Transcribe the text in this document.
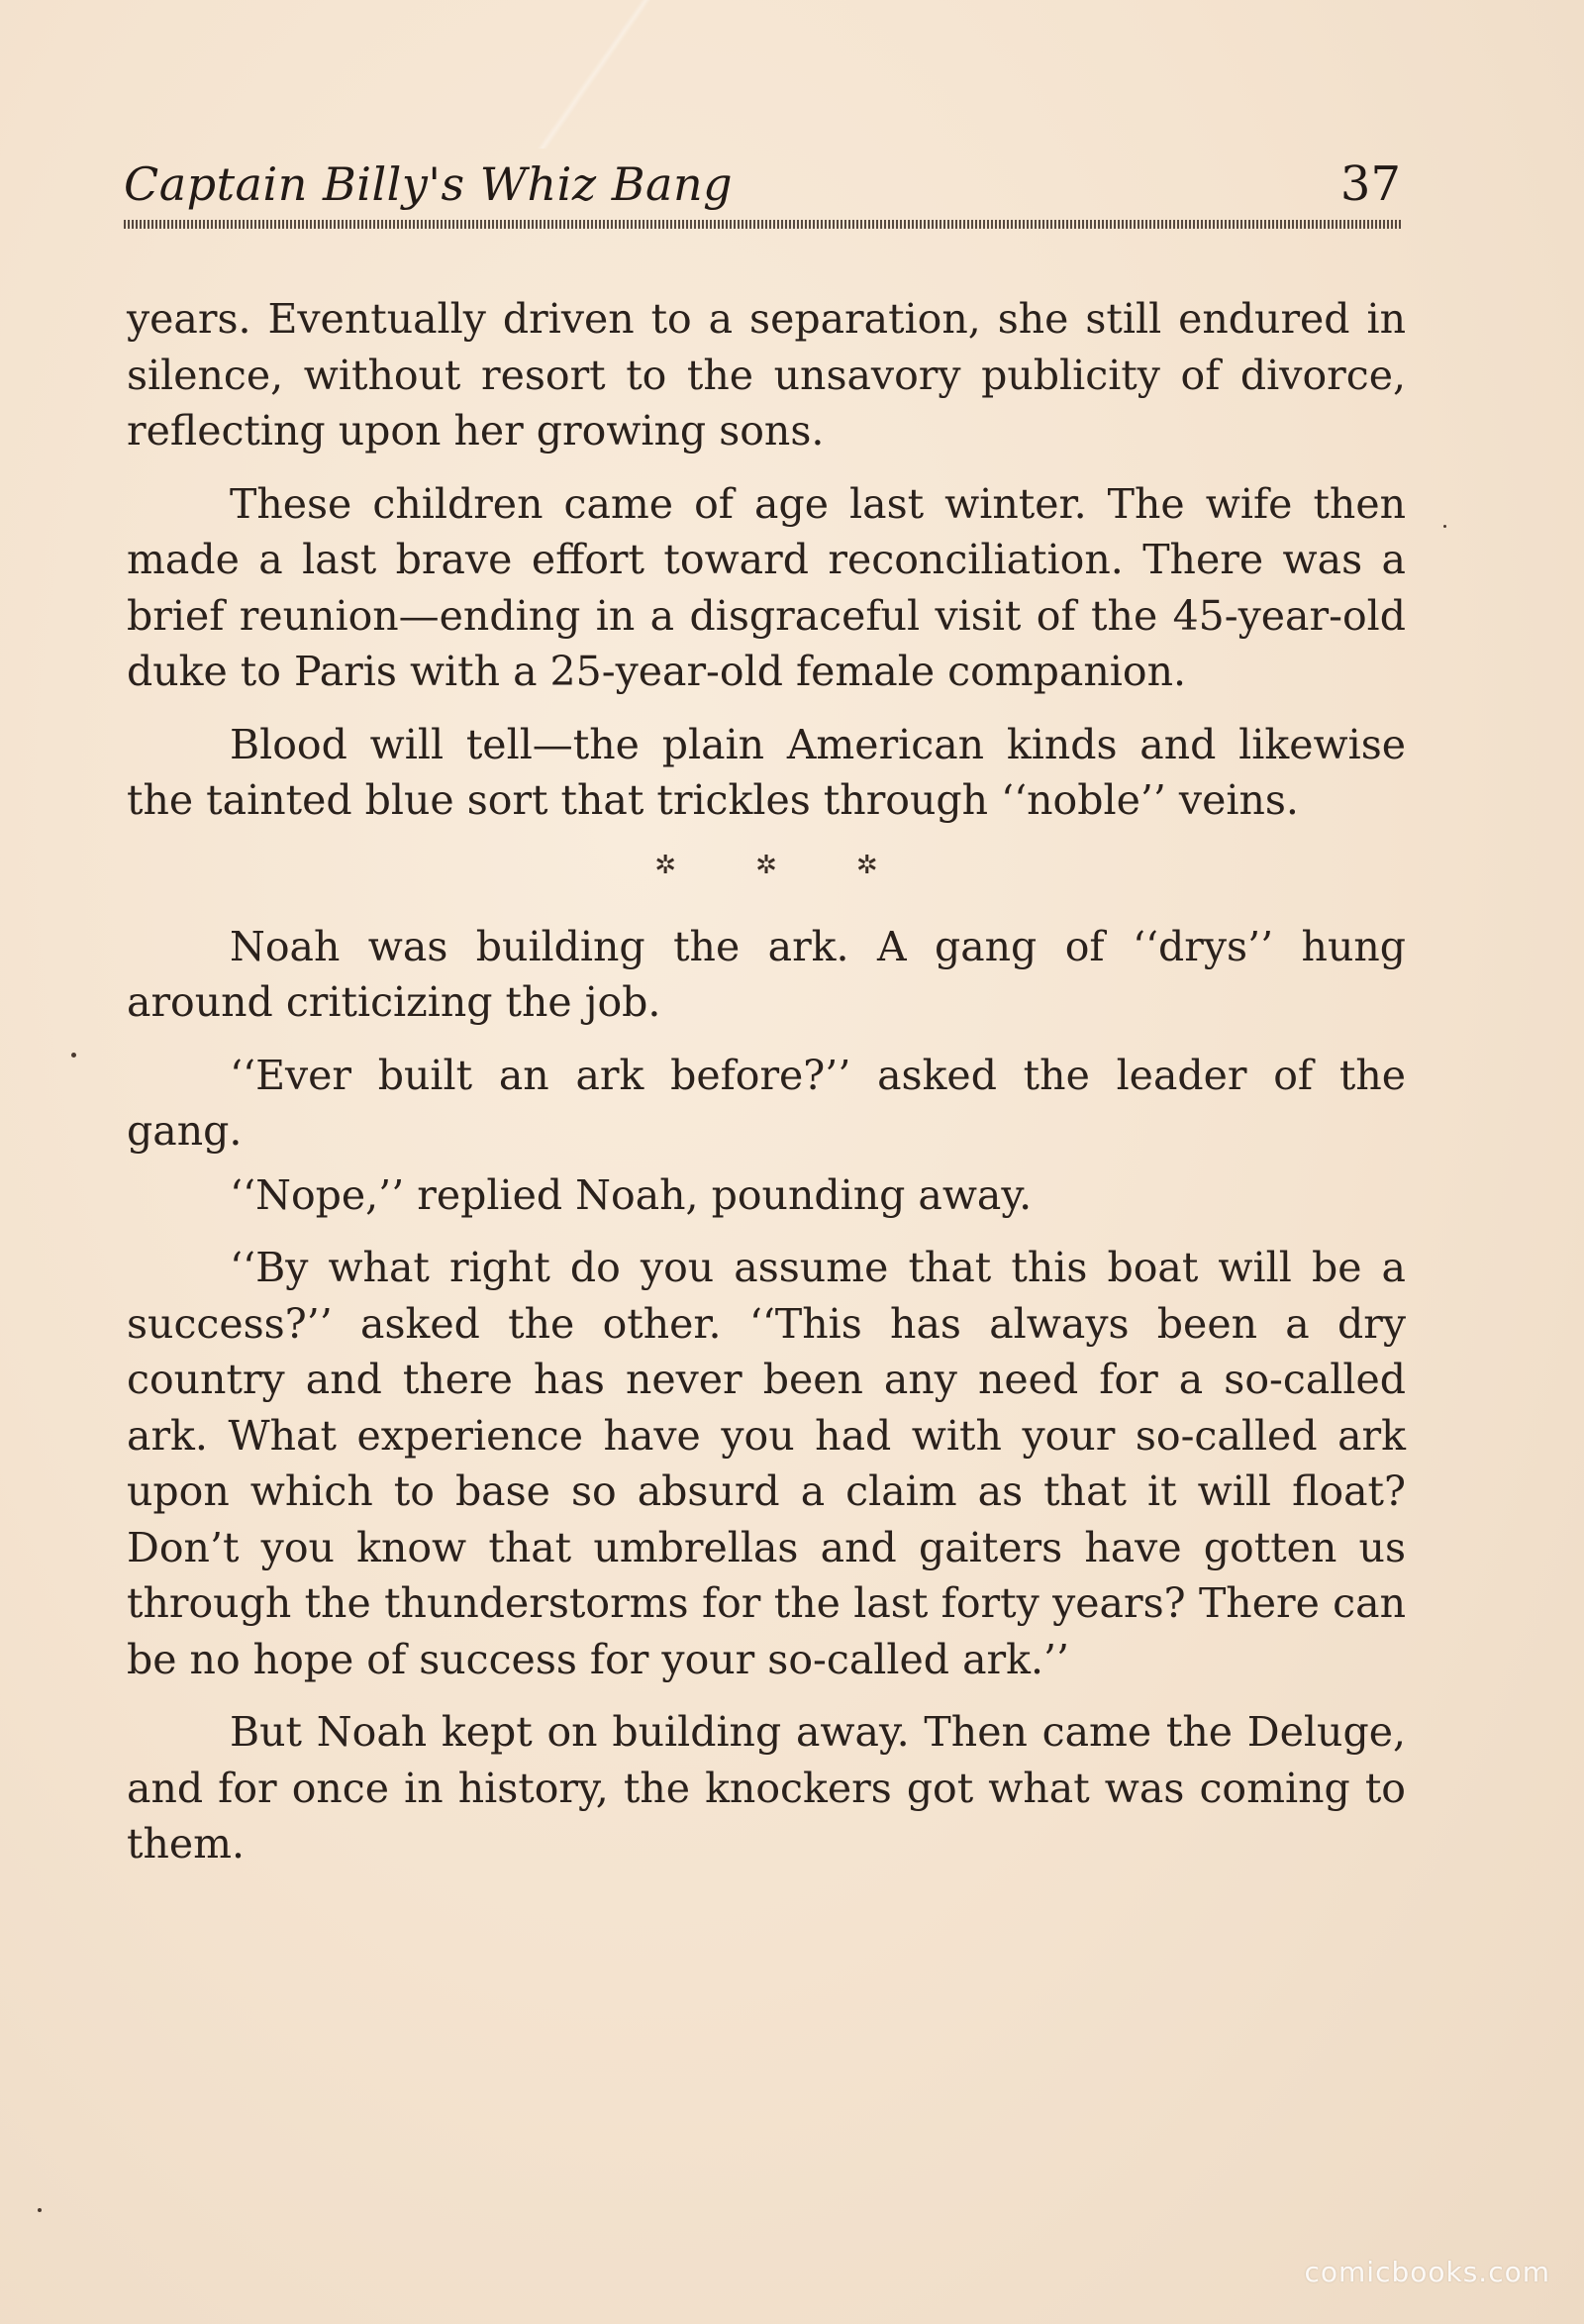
Captain Billy's Whiz Bang	37

years. Eventually driven to a separation, she still endured in silence, without resort to the unsavory publicity of divorce, reflecting upon her growing sons.

These children came of age last winter. The wife then made a last brave effort toward reconciliation. There was a brief reunion—ending in a disgraceful visit of the 45-year-old duke to Paris with a 25-year-old female companion.

Blood will tell—the plain American kinds and likewise the tainted blue sort that trickles through ‘‘noble’’ veins.

✲	✲	✲

Noah was building the ark. A gang of ‘‘drys’’ hung around criticizing the job.

‘‘Ever built an ark before?’’ asked the leader of the gang.

‘‘Nope,’’ replied Noah, pounding away.

‘‘By what right do you assume that this boat will be a success?’’ asked the other. ‘‘This has always been a dry country and there has never been any need for a so-called ark. What experience have you had with your so-called ark upon which to base so absurd a claim as that it will float? Don’t you know that umbrellas and gaiters have gotten us through the thunderstorms for the last forty years? There can be no hope of success for your so-called ark.’’

But Noah kept on building away. Then came the Deluge, and for once in history, the knockers got what was coming to them.

comicbooks.com
